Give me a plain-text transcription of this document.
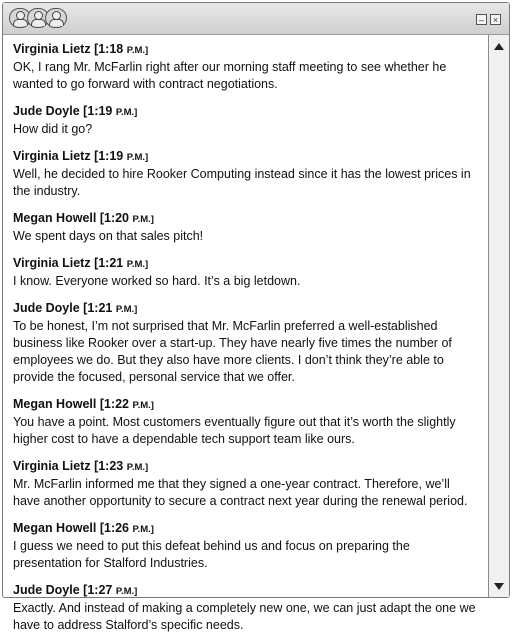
– ×
Virginia Lietz [1:18 P.M.]
OK, I rang Mr. McFarlin right after our morning staff meeting to see whether he wanted to go forward with contract negotiations.
Jude Doyle [1:19 P.M.]
How did it go?
Virginia Lietz [1:19 P.M.]
Well, he decided to hire Rooker Computing instead since it has the lowest prices in the industry.
Megan Howell [1:20 P.M.]
We spent days on that sales pitch!
Virginia Lietz [1:21 P.M.]
I know. Everyone worked so hard. It’s a big letdown.
Jude Doyle [1:21 P.M.]
To be honest, I’m not surprised that Mr. McFarlin preferred a well-established business like Rooker over a start-up. They have nearly five times the number of employees we do. But they also have more clients. I don’t think they’re able to provide the focused, personal service that we offer.
Megan Howell [1:22 P.M.]
You have a point. Most customers eventually figure out that it’s worth the slightly higher cost to have a dependable tech support team like ours.
Virginia Lietz [1:23 P.M.]
Mr. McFarlin informed me that they signed a one-year contract. Therefore, we’ll have another opportunity to secure a contract next year during the renewal period.
Megan Howell [1:26 P.M.]
I guess we need to put this defeat behind us and focus on preparing the presentation for Stalford Industries.
Jude Doyle [1:27 P.M.]
Exactly. And instead of making a completely new one, we can just adapt the one we have to address Stalford’s specific needs.
